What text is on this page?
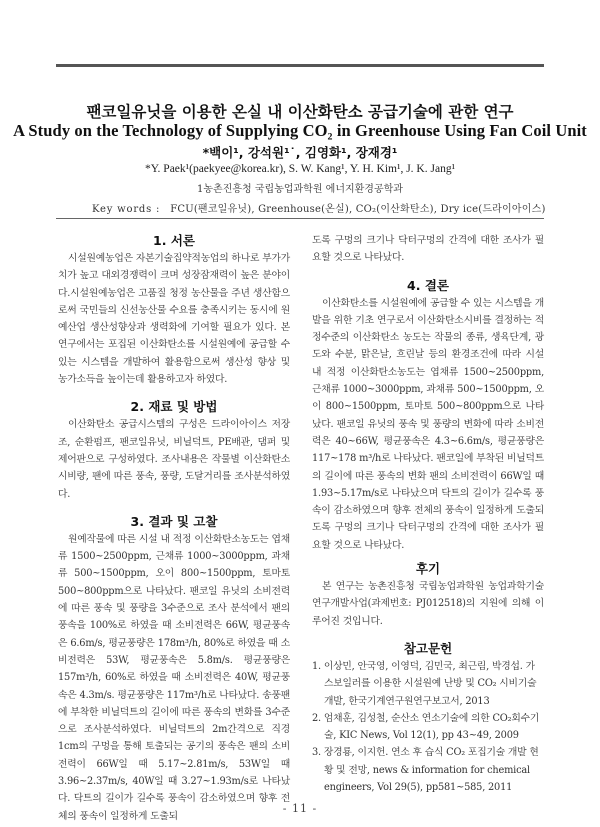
팬코일유닛을 이용한 온실 내 이산화탄소 공급기술에 관한 연구
A Study on the Technology of Supplying CO₂ in Greenhouse Using Fan Coil Unit
*백이¹, 강석원¹˙, 김영화¹, 장재경¹
*Y. Paek¹(paekyee@korea.kr), S. W. Kang¹, Y. H. Kim¹, J. K. Jang¹
1농촌진흥청 국립농업과학원 에너지환경공학과
Key words : FCU(팬코일유닛), Greenhouse(온실), CO₂(이산화탄소), Dry ice(드라이아이스)
1. 서론

시설원예농업은 자본기술집약적농업의 하나로 부가가치가 높고 대외경쟁력이 크며 성장잠재력이 높은 분야이다.시설원예농업은 고품질 청정 농산물을 주년 생산함으로써 국민들의 신선농산물 수요를 충족시키는 동시에 원예산업 생산성향상과 생력화에 기여할 필요가 있다. 본 연구에서는 포집된 이산화탄소를 시설원예에 공급할 수 있는 시스템을 개발하여 활용함으로써 생산성 향상 및 농가소득을 높이는데 활용하고자 하였다.

2. 재료 및 방법

이산화탄소 공급시스템의 구성은 드라이아이스 저장조, 순환펌프, 팬코일유닛, 비닐덕트, PE배관, 댐퍼 및 제어판으로 구성하였다. 조사내용은 작물별 이산화탄소시비량, 팬에 따른 풍속, 풍량, 도달거리를 조사분석하였다.

3. 결과 및 고찰

원예작물에 따른 시설 내 적정 이산화탄소농도는 엽채류 1500~2500ppm, 근채류 1000~3000ppm, 과채류 500~1500ppm, 오이 800~1500ppm, 토마토 500~800ppm으로 나타났다. 팬코일 유닛의 소비전력에 따른 풍속 및 풍량을 3수준으로 조사 분석에서 팬의 풍속을 100%로 하였을 때 소비전력은 66W, 평균풍속은 6.6m/s, 평균풍량은 178m³/h, 80%로 하였을 때 소비전력은 53W, 평균풍속은 5.8m/s. 평균풍량은 157m³/h, 60%로 하였을 때 소비전력은 40W, 평균풍속은 4.3m/s. 평균풍량은 117m³/h로 나타났다. 송풍팬에 부착한 비닐덕트의 길이에 따른 풍속의 변화를 3수준으로 조사분석하였다. 비닐덕트의 2m간격으로 직경1cm의 구멍을 통해 토출되는 공기의 풍속은 팬의 소비전력이 66W일 때 5.17~2.81m/s, 53W일 때 3.96~2.37m/s, 40W일 때 3.27~1.93m/s로 나타났다. 닥트의 길이가 길수록 풍속이 감소하였으며 향후 전체의 풍속이 일정하게 도출되

도록 구멍의 크기나 닥터구멍의 간격에 대한 조사가 필요할 것으로 나타났다.

4. 결론

이산화탄소를 시설원예에 공급할 수 있는 시스템을 개발을 위한 기초 연구로서 이산화탄소시비를 결정하는 적정수준의 이산화탄소 농도는 작물의 종류, 생육단계, 광도와 수분, 맑은날, 흐린날 등의 환경조건에 따라 시설 내 적정 이산화탄소농도는 엽채류 1500~2500ppm, 근채류 1000~3000ppm, 과채류 500~1500ppm, 오이 800~1500ppm, 토마토 500~800ppm으로 나타났다. 팬코일 유닛의 풍속 및 풍량의 변화에 따라 소비전력은 40~66W, 평균풍속은 4.3~6.6m/s, 평균풍량은 117~178 m³/h로 나타났다. 팬코일에 부착된 비닐덕트의 길이에 따른 풍속의 변화 팬의 소비전력이 66W일 때 1.93~5.17m/s로 나타났으며 닥트의 길이가 길수록 풍속이 감소하였으며 향후 전체의 풍속이 일정하게 도출되도록 구멍의 크기나 닥터구멍의 간격에 대한 조사가 필요할 것으로 나타났다.

후기

본 연구는 농촌진흥청 국립농업과학원 농업과학기술 연구개발사업(과제번호: PJ012518)의 지원에 의해 이루어진 것입니다.

참고문헌
1. 이상민, 안국영, 이영덕, 김민국, 최근림, 박경섭. 가스보일러를 이용한 시설원예 난방 및 CO₂ 시비기술 개발, 한국기계연구원연구보고서, 2013
2. 엄채훈, 김성철, 순산소 연소기술에 의한 CO₂회수기술, KIC News, Vol 12(1), pp 43~49, 2009
3. 장경룡, 이지헌. 연소 후 습식 CO₂ 포집기술 개발 현황 및 전망, news & information for chemical engineers, Vol 29(5), pp581~585, 2011
- 11 -
